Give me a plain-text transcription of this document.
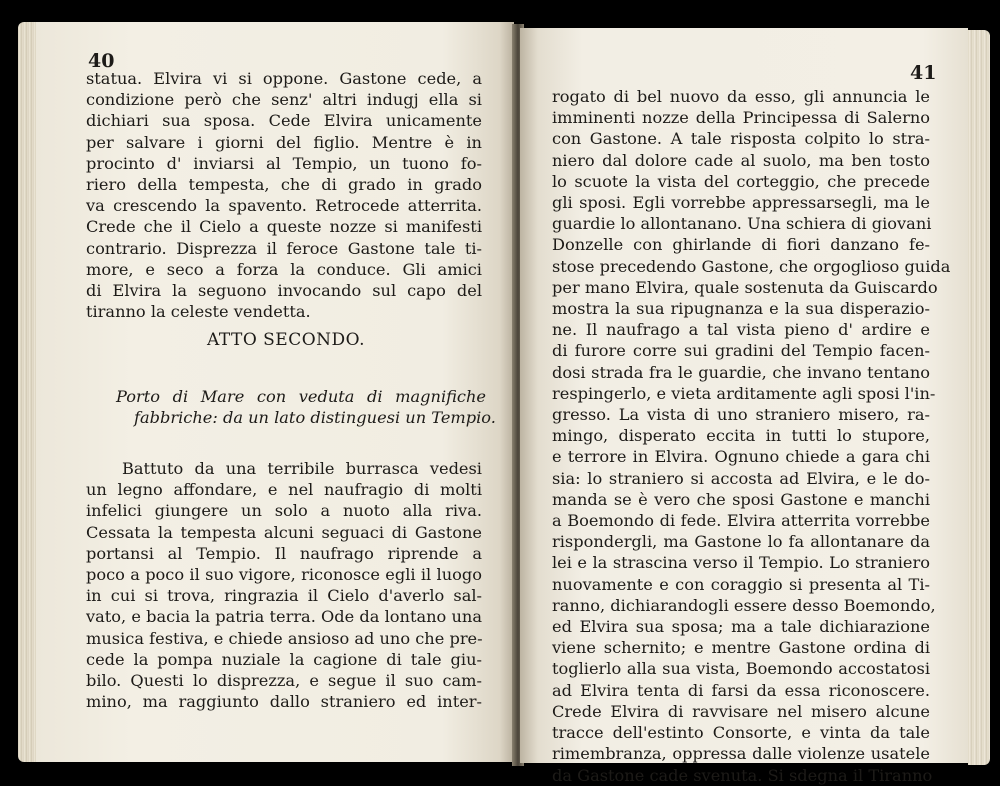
40
statua. Elvira vi si oppone. Gastone cede, a
condizione però che senz' altri indugj ella si
dichiari sua sposa. Cede Elvira unicamente
per salvare i giorni del figlio. Mentre è in
procinto d' inviarsi al Tempio, un tuono fo-
riero della tempesta, che di grado in grado
va crescendo la spavento. Retrocede atterrita.
Crede che il Cielo a queste nozze si manifesti
contrario. Disprezza il feroce Gastone tale ti-
more, e seco a forza la conduce. Gli amici
di Elvira la seguono invocando sul capo del
tiranno la celeste vendetta.
ATTO SECONDO.
Porto di Mare con veduta di magnifiche
fabbriche: da un lato distinguesi un Tempio.
Battuto da una terribile burrasca vedesi
un legno affondare, e nel naufragio di molti
infelici giungere un solo a nuoto alla riva.
Cessata la tempesta alcuni seguaci di Gastone
portansi al Tempio. Il naufrago riprende a
poco a poco il suo vigore, riconosce egli il luogo
in cui si trova, ringrazia il Cielo d'averlo sal-
vato, e bacia la patria terra. Ode da lontano una
musica festiva, e chiede ansioso ad uno che pre-
cede la pompa nuziale la cagione di tale giu-
bilo. Questi lo disprezza, e segue il suo cam-
mino, ma raggiunto dallo straniero ed inter-
41
rogato di bel nuovo da esso, gli annuncia le
imminenti nozze della Principessa di Salerno
con Gastone. A tale risposta colpito lo stra-
niero dal dolore cade al suolo, ma ben tosto
lo scuote la vista del corteggio, che precede
gli sposi. Egli vorrebbe appressarsegli, ma le
guardie lo allontanano. Una schiera di giovani
Donzelle con ghirlande di fiori danzano fe-
stose precedendo Gastone, che orgoglioso guida
per mano Elvira, quale sostenuta da Guiscardo
mostra la sua ripugnanza e la sua disperazio-
ne. Il naufrago a tal vista pieno d' ardire e
di furore corre sui gradini del Tempio facen-
dosi strada fra le guardie, che invano tentano
respingerlo, e vieta arditamente agli sposi l'in-
gresso. La vista di uno straniero misero, ra-
mingo, disperato eccita in tutti lo stupore,
e terrore in Elvira. Ognuno chiede a gara chi
sia: lo straniero si accosta ad Elvira, e le do-
manda se è vero che sposi Gastone e manchi
a Boemondo di fede. Elvira atterrita vorrebbe
rispondergli, ma Gastone lo fa allontanare da
lei e la strascina verso il Tempio. Lo straniero
nuovamente e con coraggio si presenta al Ti-
ranno, dichiarandogli essere desso Boemondo,
ed Elvira sua sposa; ma a tale dichiarazione
viene schernito; e mentre Gastone ordina di
toglierlo alla sua vista, Boemondo accostatosi
ad Elvira tenta di farsi da essa riconoscere.
Crede Elvira di ravvisare nel misero alcune
tracce dell'estinto Consorte, e vinta da tale
rimembranza, oppressa dalle violenze usatele
da Gastone cade svenuta. Si sdegna il Tiranno
